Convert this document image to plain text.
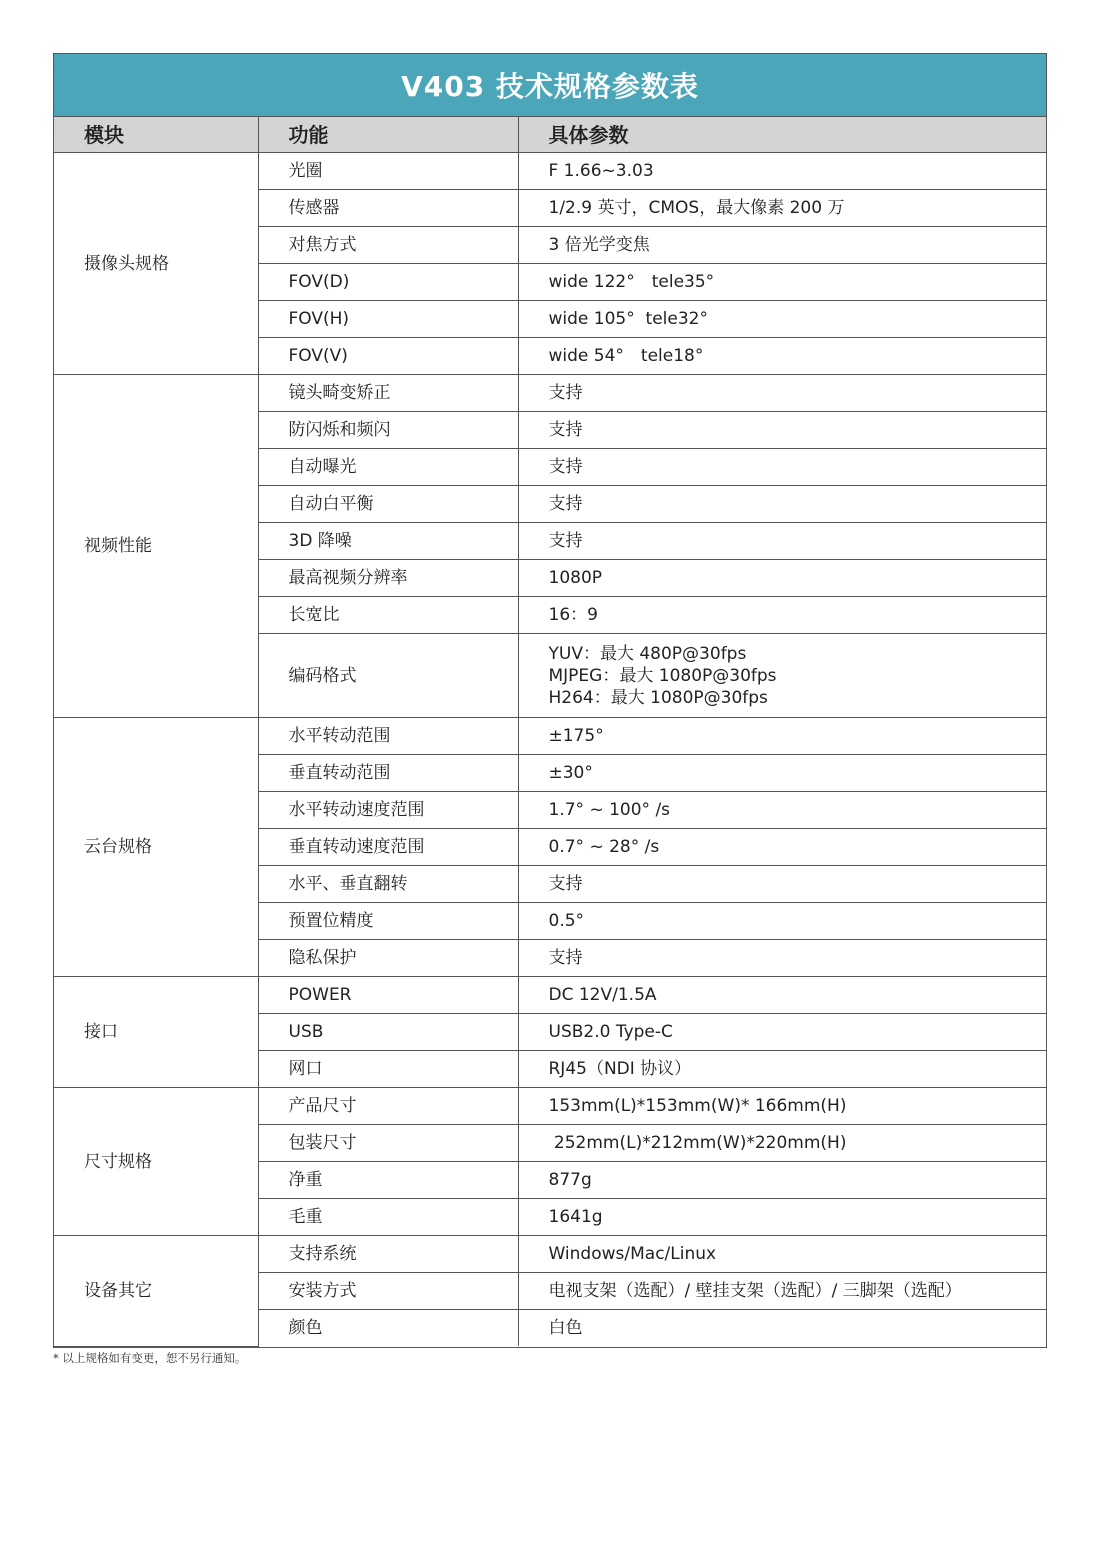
V403 技术规格参数表
模块	功能	具体参数

摄像头规格	光圈	F 1.66~3.03

	传感器	1/2.9 英寸，CMOS，最大像素 200 万

	对焦方式	3 倍光学变焦

	FOV(D)	wide 122°　tele35°

	FOV(H)	wide 105°  tele32°

	FOV(V)	wide 54°　tele18°

视频性能	镜头畸变矫正	支持

	防闪烁和频闪	支持

	自动曝光	支持

	自动白平衡	支持

	3D 降噪	支持

	最高视频分辨率	1080P

	长宽比	16：9

	编码格式	YUV：最大 480P@30fps
MJPEG：最大 1080P@30fps
H264：最大 1080P@30fps

云台规格	水平转动范围	±175°

	垂直转动范围	±30°

	水平转动速度范围	1.7° ~ 100° /s

	垂直转动速度范围	0.7° ~ 28° /s

	水平、垂直翻转	支持

	预置位精度	0.5°

	隐私保护	支持

接口	POWER	DC 12V/1.5A

	USB	USB2.0 Type-C

	网口	RJ45（NDI 协议）

尺寸规格	产品尺寸	153mm(L)*153mm(W)* 166mm(H)

	包装尺寸	252mm(L)*212mm(W)*220mm(H)

	净重	877g

	毛重	1641g

设备其它	支持系统	Windows/Mac/Linux

	安装方式	电视支架（选配）/ 壁挂支架（选配）/ 三脚架（选配）

	颜色	白色
* 以上规格如有变更，恕不另行通知。
